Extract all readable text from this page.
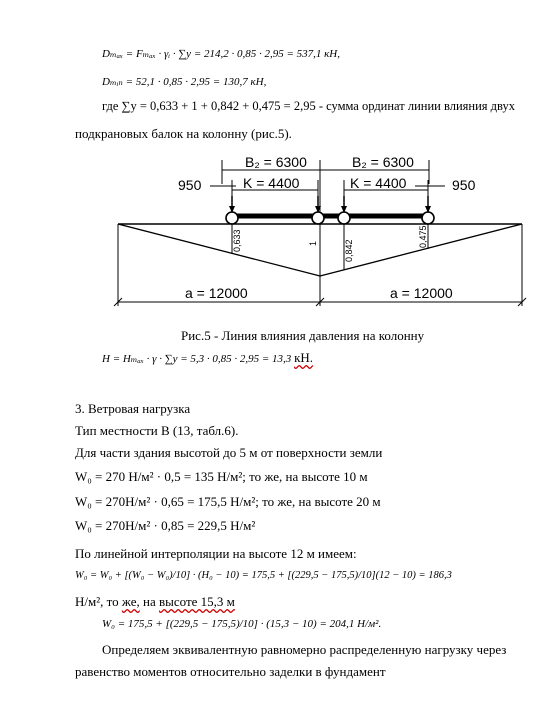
Dₘₐₓ = Fₘₐₓ · γᵢ · ∑y = 214,2 · 0,85 · 2,95 = 537,1 кН,
Dₘᵢₙ = 52,1 · 0,85 · 2,95 = 130,7 кН,
где ∑y = 0,633 + 1 + 0,842 + 0,475 = 2,95 - сумма ординат линии влияния двух
подкрановых балок на колонну (рис.5).
B₂ = 6300	B₂ = 6300
K = 4400	K = 4400
950	950
a = 12000	a = 12000
0,633	1	0,842
0,475
Рис.5 - Линия влияния давления на колонну
H = Hₘₐₓ · γ · ∑y = 5,3 · 0,85 · 2,95 = 13,3 кН.
3. Ветровая нагрузка
Тип местности B (13, табл.6).
Для части здания высотой до 5 м от поверхности земли
W₀ = 270 Н/м² · 0,5 = 135 Н/м²; то же, на высоте 10 м
W₀ = 270Н/м² · 0,65 = 175,5 Н/м²; то же, на высоте 20 м
W₀ = 270Н/м² · 0,85 = 229,5 Н/м²
По линейной интерполяции на высоте 12 м имеем:
W₀ = W₀ + [(W₀ − W₀)/10] · (H₀ − 10) = 175,5 + [(229,5 − 175,5)/10](12 − 10) = 186,3
Н/м², то же, на высоте 15,3 м
W₀ = 175,5 + [(229,5 − 175,5)/10] · (15,3 − 10) = 204,1 Н/м².
Определяем эквивалентную равномерно распределенную нагрузку через
равенство моментов относительно заделки в фундамент
